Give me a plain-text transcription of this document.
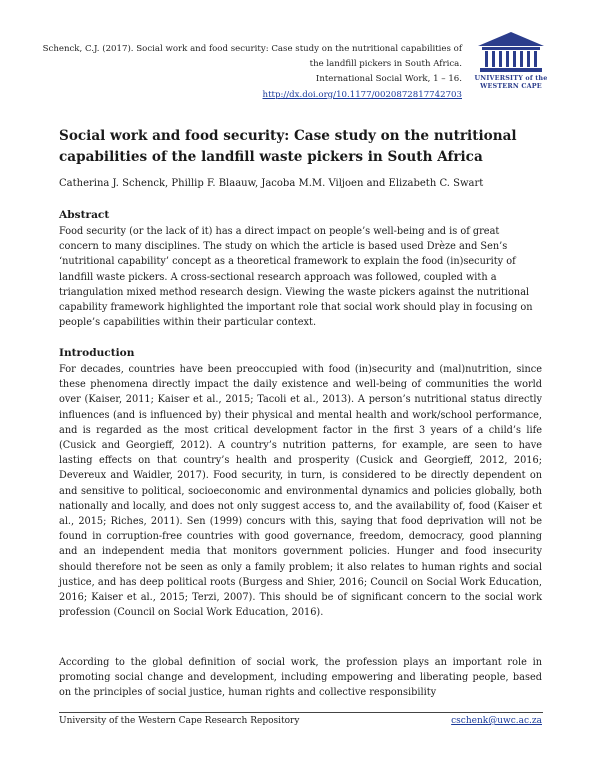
Schenck, C.J. (2017). Social work and food security: Case study on the nutritional capabilities of
the landfill pickers in South Africa.
International Social Work, 1 – 16.
http://dx.doi.org/10.1177/0020872817742703
UNIVERSITY of the
WESTERN CAPE
Social work and food security: Case study on the nutritional capabilities of the landfill waste pickers in South Africa
Catherina J. Schenck, Phillip F. Blaauw, Jacoba M.M. Viljoen and Elizabeth C. Swart
Abstract

Food security (or the lack of it) has a direct impact on people’s well-being and is of great concern to many disciplines. The study on which the article is based used Drèze and Sen’s ‘nutritional capability’ concept as a theoretical framework to explain the food (in)security of landfill waste pickers. A cross-sectional research approach was followed, coupled with a triangulation mixed method research design. Viewing the waste pickers against the nutritional capability framework highlighted the important role that social work should play in focusing on people’s capabilities within their particular context.

Introduction

For decades, countries have been preoccupied with food (in)security and (mal)nutrition, since these phenomena directly impact the daily existence and well-being of communities the world over (Kaiser, 2011; Kaiser et al., 2015; Tacoli et al., 2013). A person’s nutritional status directly influences (and is influenced by) their physical and mental health and work/school performance, and is regarded as the most critical development factor in the first 3 years of a child’s life (Cusick and Georgieff, 2012). A country’s nutrition patterns, for example, are seen to have lasting effects on that country’s health and prosperity (Cusick and Georgieff, 2012, 2016; Devereux and Waidler, 2017). Food security, in turn, is considered to be directly dependent on and sensitive to political, socioeconomic and environmental dynamics and policies globally, both nationally and locally, and does not only suggest access to, and the availability of, food (Kaiser et al., 2015; Riches, 2011). Sen (1999) concurs with this, saying that food deprivation will not be found in corruption-free countries with good governance, freedom, democracy, good planning and an independent media that monitors government policies. Hunger and food insecurity should therefore not be seen as only a family problem; it also relates to human rights and social justice, and has deep political roots (Burgess and Shier, 2016; Council on Social Work Education, 2016; Kaiser et al., 2015; Terzi, 2007). This should be of significant concern to the social work profession (Council on Social Work Education, 2016).

According to the global definition of social work, the profession plays an important role in promoting social change and development, including empowering and liberating people, based on the principles of social justice, human rights and collective responsibility

University of the Western Cape Research Repository	cschenk@uwc.ac.za
